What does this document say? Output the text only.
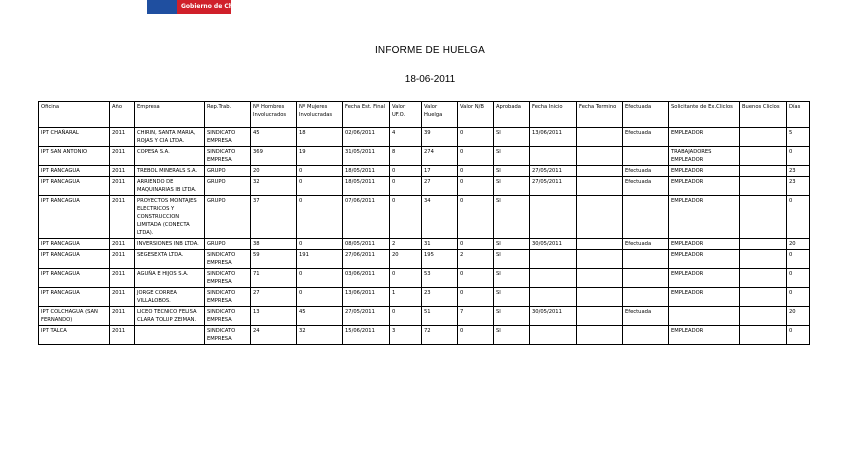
Gobierno de Chile
INFORME DE HUELGA
18-06-2011
Oficina	Año	Empresa	Rep.Trab.	Nº Hombres Involucrados	Nº Mujeres Involucradas	Fecha Est. Final	Valor UF.O.	Valor Huelga	Valor N/B	Aprobada	Fecha Inicio	Fecha Termino	Efectuada	Solicitante de Ex.Cliclos	Buenos Cliclos	Días
IPT CHAÑARAL	2011	CHIRIN, SANTA MARIA, ROJAS Y CIA LTDA.	SINDICATO EMPRESA	45	18	02/06/2011	4	39	0	SI	13/06/2011		Efectuada	EMPLEADOR		5
IPT SAN ANTONIO	2011	COPESA S.A.	SINDICATO EMPRESA	369	19	31/05/2011	8	274	0	SI				TRABAJADORES EMPLEADOR		0
IPT RANCAGUA	2011	TREBOL MINERALS S.A.	GRUPO	20	0	18/05/2011	0	17	0	SI	27/05/2011		Efectuada	EMPLEADOR		23
IPT RANCAGUA	2011	ARRIENDO DE MAQUINARIAS IB LTDA.	GRUPO	32	0	18/05/2011	0	27	0	SI	27/05/2011		Efectuada	EMPLEADOR		23
IPT RANCAGUA	2011	PROYECTOS MONTAJES ELECTRICOS Y CONSTRUCCION LIMITADA (CONECTA LTDA).	GRUPO	37	0	07/06/2011	0	34	0	SI				EMPLEADOR		0
IPT RANCAGUA	2011	INVERSIONES INB LTDA.	GRUPO	38	0	08/05/2011	2	31	0	SI	30/05/2011		Efectuada	EMPLEADOR		20
IPT RANCAGUA	2011	SEGESEXTA LTDA.	SINDICATO EMPRESA	59	191	27/06/2011	20	195	2	SI				EMPLEADOR		0
IPT RANCAGUA	2011	AGUÑA E HIJOS S.A.	SINDICATO EMPRESA	71	0	03/06/2011	0	53	0	SI				EMPLEADOR		0
IPT RANCAGUA	2011	JORGE CORREA VILLALOBOS.	SINDICATO EMPRESA	27	0	13/06/2011	1	23	0	SI				EMPLEADOR		0
IPT COLCHAGUA (SAN FERNANDO)	2011	LICEO TECNICO FELISA CLARA TOLUP ZEIMAN.	SINDICATO EMPRESA	13	45	27/05/2011	0	51	7	SI	30/05/2011		Efectuada			20
IPT TALCA	2011		SINDICATO EMPRESA	24	32	15/06/2011	3	72	0	SI				EMPLEADOR		0
